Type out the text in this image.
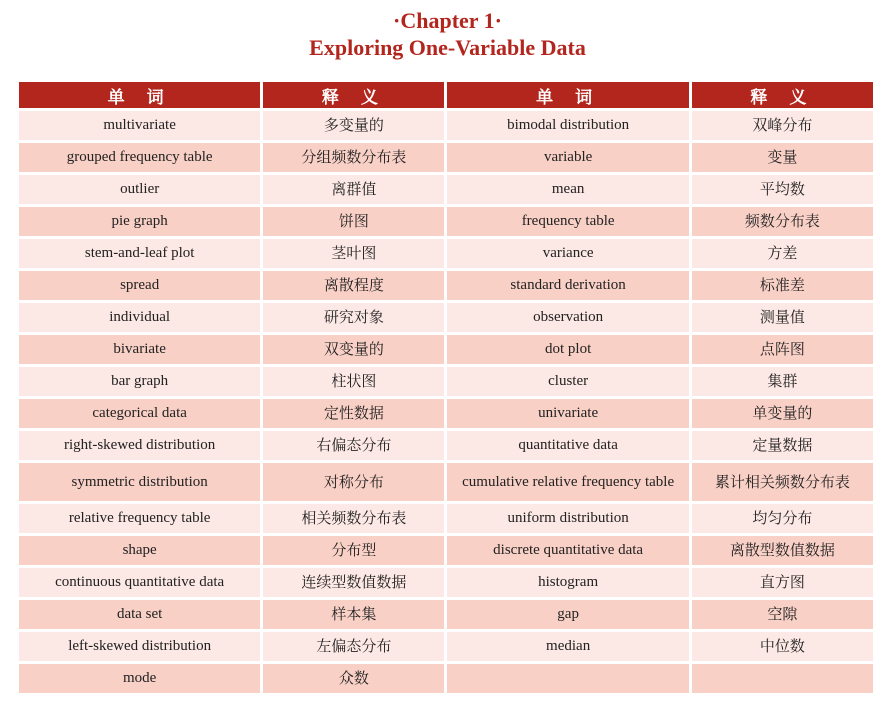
·Chapter 1·
Exploring One-Variable Data
单 词	释 义	单 词	释 义
multivariate	多变量的	bimodal distribution	双峰分布
grouped frequency table	分组频数分布表	variable	变量
outlier	离群值	mean	平均数
pie graph	饼图	frequency table	频数分布表
stem-and-leaf plot	茎叶图	variance	方差
spread	离散程度	standard derivation	标准差
individual	研究对象	observation	测量值
bivariate	双变量的	dot plot	点阵图
bar graph	柱状图	cluster	集群
categorical data	定性数据	univariate	单变量的
right-skewed distribution	右偏态分布	quantitative data	定量数据
symmetric distribution	对称分布	cumulative relative frequency table	累计相关频数分布表
relative frequency table	相关频数分布表	uniform distribution	均匀分布
shape	分布型	discrete quantitative data	离散型数值数据
continuous quantitative data	连续型数值数据	histogram	直方图
data set	样本集	gap	空隙
left-skewed distribution	左偏态分布	median	中位数
mode	众数		
